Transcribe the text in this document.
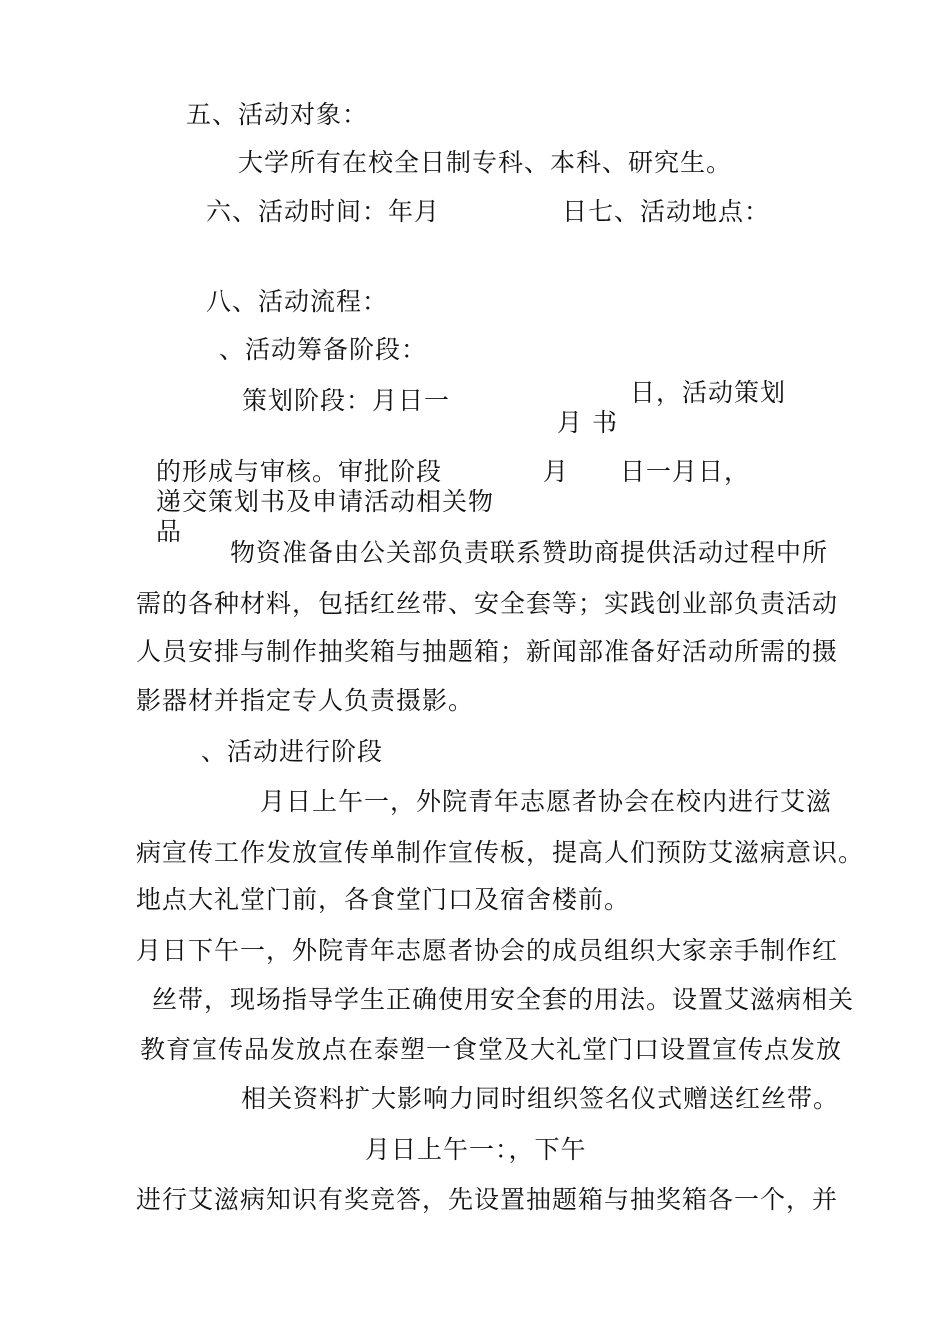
五、活动对象：
大学所有在校全日制专科、本科、研究生。
六、活动时间：年月	日七、活动地点：
八、活动流程：
、活动筹备阶段：
策划阶段：月日一	日，活动策划
月 书
的形成与审核。审批阶段	月 日一月日，
递交策划书及申请活动相关物
品
物资准备由公关部负责联系赞助商提供活动过程中所
需的各种材料，包括红丝带、安全套等；实践创业部负责活动
人员安排与制作抽奖箱与抽题箱；新闻部准备好活动所需的摄
影器材并指定专人负责摄影。
、活动进行阶段
月日上午一，外院青年志愿者协会在校内进行艾滋
病宣传工作发放宣传单制作宣传板，提高人们预防艾滋病意识。
地点大礼堂门前，各食堂门口及宿舍楼前。
月日下午一，外院青年志愿者协会的成员组织大家亲手制作红
丝带，现场指导学生正确使用安全套的用法。设置艾滋病相关
教育宣传品发放点在泰塑一食堂及大礼堂门口设置宣传点发放
相关资料扩大影响力同时组织签名仪式赠送红丝带。
月日上午一：，下午
进行艾滋病知识有奖竞答，先设置抽题箱与抽奖箱各一个，并
